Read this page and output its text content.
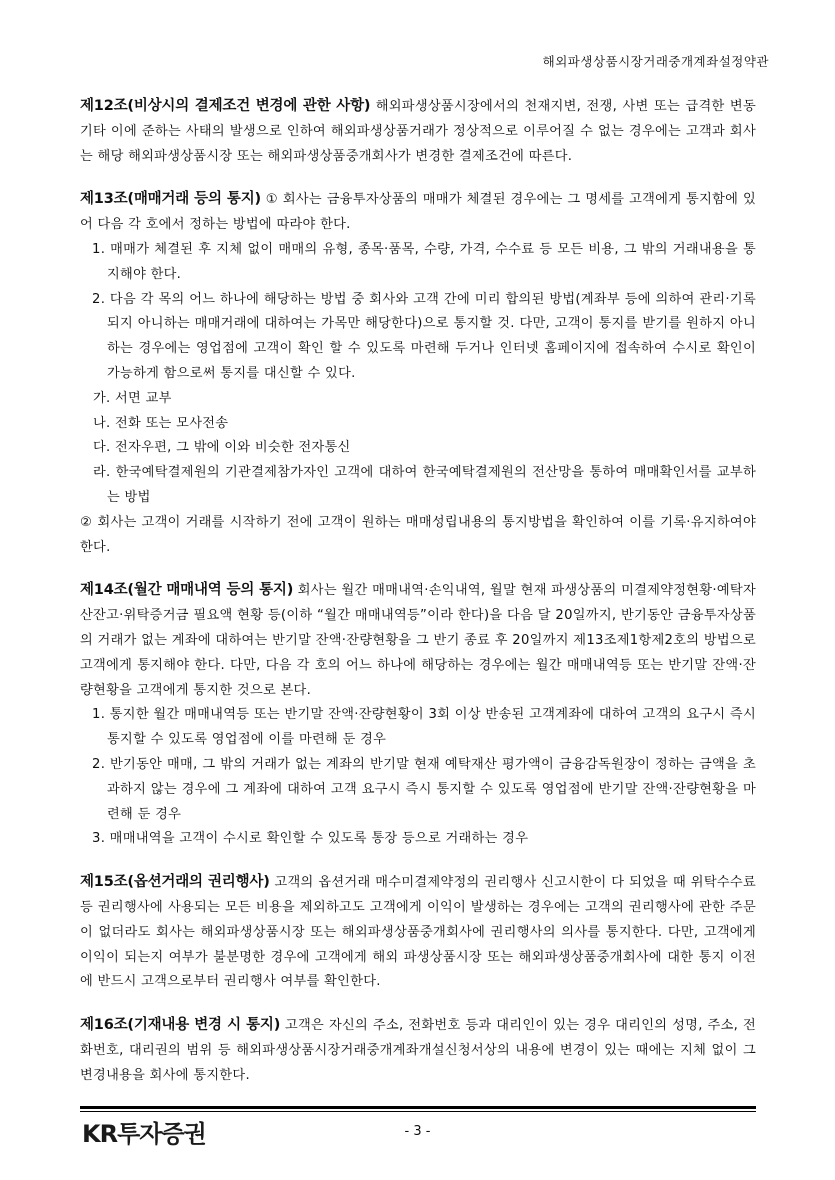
해외파생상품시장거래중개계좌설정약관

제12조(비상시의 결제조건 변경에 관한 사항) 해외파생상품시장에서의 천재지변, 전쟁, 사변 또는 급격한 변동 기타 이에 준하는 사태의 발생으로 인하여 해외파생상품거래가 정상적으로 이루어질 수 없는 경우에는 고객과 회사는 해당 해외파생상품시장 또는 해외파생상품중개회사가 변경한 결제조건에 따른다.

제13조(매매거래 등의 통지) ① 회사는 금융투자상품의 매매가 체결된 경우에는 그 명세를 고객에게 통지함에 있어 다음 각 호에서 정하는 방법에 따라야 한다.

1. 매매가 체결된 후 지체 없이 매매의 유형, 종목·품목, 수량, 가격, 수수료 등 모든 비용, 그 밖의 거래내용을 통지해야 한다.

2. 다음 각 목의 어느 하나에 해당하는 방법 중 회사와 고객 간에 미리 합의된 방법(계좌부 등에 의하여 관리·기록되지 아니하는 매매거래에 대하여는 가목만 해당한다)으로 통지할 것. 다만, 고객이 통지를 받기를 원하지 아니하는 경우에는 영업점에 고객이 확인 할 수 있도록 마련해 두거나 인터넷 홈페이지에 접속하여 수시로 확인이 가능하게 함으로써 통지를 대신할 수 있다.

가. 서면 교부

나. 전화 또는 모사전송

다. 전자우편, 그 밖에 이와 비슷한 전자통신

라. 한국예탁결제원의 기관결제참가자인 고객에 대하여 한국예탁결제원의 전산망을 통하여 매매확인서를 교부하는 방법

② 회사는 고객이 거래를 시작하기 전에 고객이 원하는 매매성립내용의 통지방법을 확인하여 이를 기록·유지하여야 한다.

제14조(월간 매매내역 등의 통지) 회사는 월간 매매내역·손익내역, 월말 현재 파생상품의 미결제약정현황·예탁자산잔고·위탁증거금 필요액 현황 등(이하 “월간 매매내역등”이라 한다)을 다음 달 20일까지, 반기동안 금융투자상품의 거래가 없는 계좌에 대하여는 반기말 잔액·잔량현황을 그 반기 종료 후 20일까지 제13조제1항제2호의 방법으로 고객에게 통지해야 한다. 다만, 다음 각 호의 어느 하나에 해당하는 경우에는 월간 매매내역등 또는 반기말 잔액·잔량현황을 고객에게 통지한 것으로 본다.

1. 통지한 월간 매매내역등 또는 반기말 잔액·잔량현황이 3회 이상 반송된 고객계좌에 대하여 고객의 요구시 즉시 통지할 수 있도록 영업점에 이를 마련해 둔 경우

2. 반기동안 매매, 그 밖의 거래가 없는 계좌의 반기말 현재 예탁재산 평가액이 금융감독원장이 정하는 금액을 초과하지 않는 경우에 그 계좌에 대하여 고객 요구시 즉시 통지할 수 있도록 영업점에 반기말 잔액·잔량현황을 마련해 둔 경우

3. 매매내역을 고객이 수시로 확인할 수 있도록 통장 등으로 거래하는 경우

제15조(옵션거래의 권리행사) 고객의 옵션거래 매수미결제약정의 권리행사 신고시한이 다 되었을 때 위탁수수료등 권리행사에 사용되는 모든 비용을 제외하고도 고객에게 이익이 발생하는 경우에는 고객의 권리행사에 관한 주문이 없더라도 회사는 해외파생상품시장 또는 해외파생상품중개회사에 권리행사의 의사를 통지한다. 다만, 고객에게 이익이 되는지 여부가 불분명한 경우에 고객에게 해외 파생상품시장 또는 해외파생상품중개회사에 대한 통지 이전에 반드시 고객으로부터 권리행사 여부를 확인한다.

제16조(기재내용 변경 시 통지) 고객은 자신의 주소, 전화번호 등과 대리인이 있는 경우 대리인의 성명, 주소, 전화번호, 대리권의 범위 등 해외파생상품시장거래중개계좌개설신청서상의 내용에 변경이 있는 때에는 지체 없이 그 변경내용을 회사에 통지한다.

KR투자증권	- 3 -
